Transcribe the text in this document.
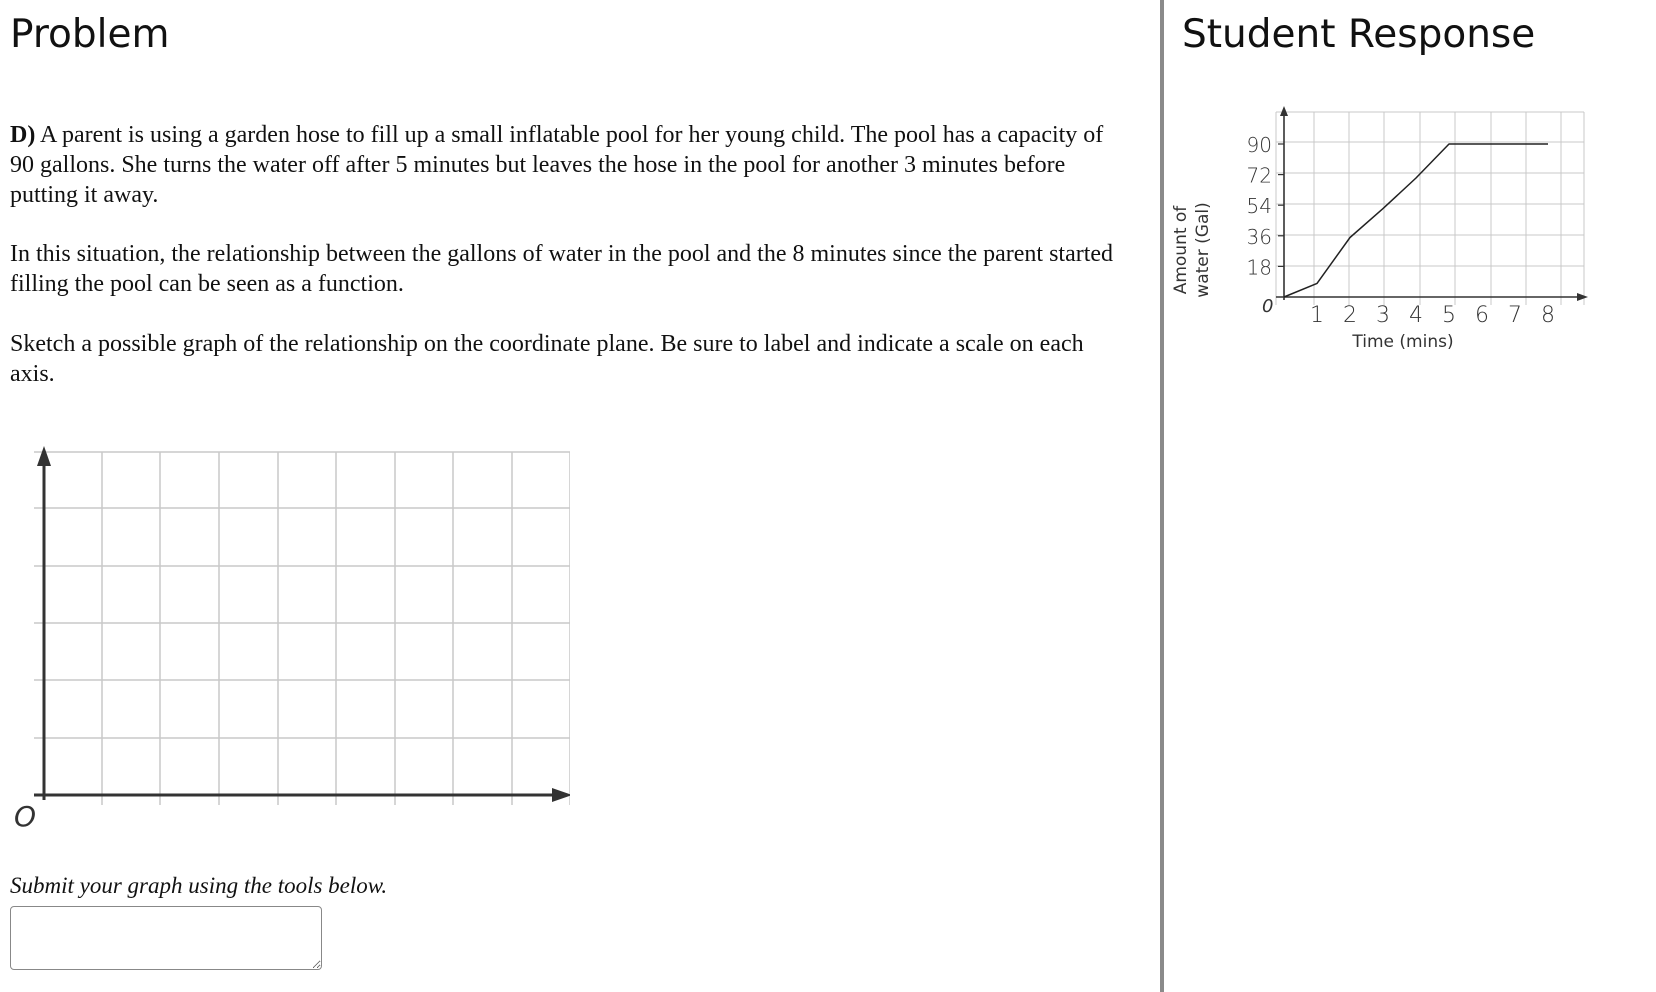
Problem

D) A parent is using a garden hose to fill up a small inflatable pool for her young child. The pool has a capacity of 90 gallons. She turns the water off after 5 minutes but leaves the hose in the pool for another 3 minutes before putting it away.

In this situation, the relationship between the gallons of water in the pool and the 8 minutes since the parent started filling the pool can be seen as a function.

Sketch a possible graph of the relationship on the coordinate plane. Be sure to label and indicate a scale on each axis.

O

Submit your graph using the tools below.

Student Response
Amount of water (Gal) 18
36
54
72
90
1 2 3 4 5 6 7 8
0
Time (mins)
